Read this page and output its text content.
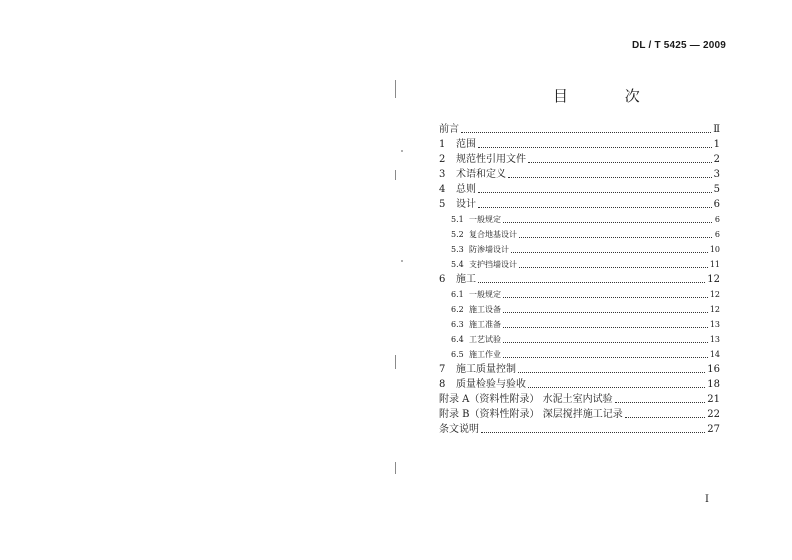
DL / T 5425 — 2009
目 次
前言	Ⅱ
1	范围	1
2	规范性引用文件	2
3	术语和定义	3
4	总则	5
5	设计	6
5.1 一般规定	6
5.2 复合地基设计	6
5.3 防渗墙设计	10
5.4 支护挡墙设计	11
6	施工	12
6.1 一般规定	12
6.2 施工设备	12
6.3 施工准备	13
6.4 工艺试验	13
6.5 施工作业	14
7	施工质量控制	16
8	质量检验与验收	18
附录 A（资料性附录） 水泥土室内试验	21
附录 B（资料性附录） 深层搅拌施工记录	22
条文说明	27
I
